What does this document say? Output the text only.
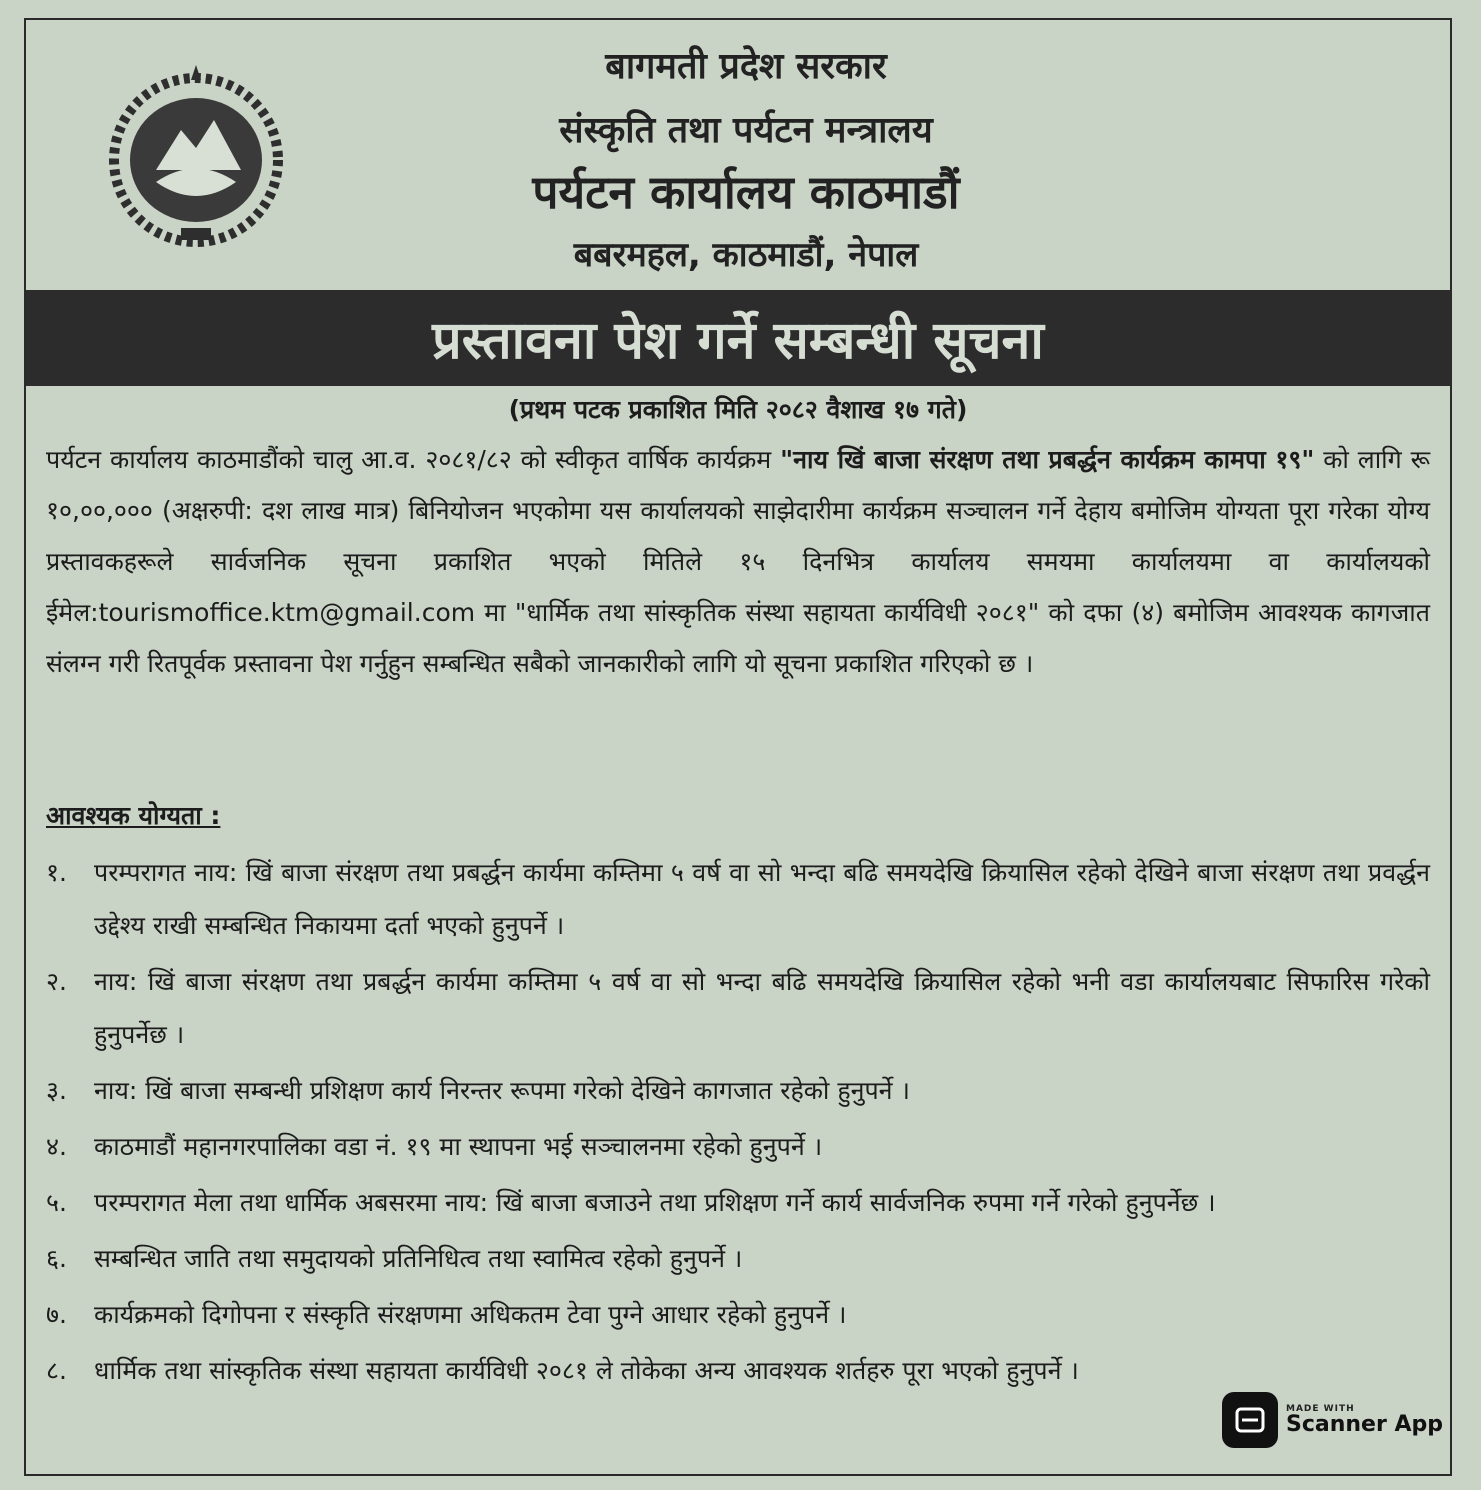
बागमती प्रदेश सरकार
संस्कृति तथा पर्यटन मन्त्रालय
पर्यटन कार्यालय काठमाडौं
बबरमहल, काठमाडौं, नेपाल
प्रस्तावना पेश गर्ने सम्बन्धी सूचना
(प्रथम पटक प्रकाशित मिति २०८२ वैशाख १७ गते)
पर्यटन कार्यालय काठमाडौंको चालु आ.व. २०८१/८२ को स्वीकृत वार्षिक कार्यक्रम "नाय खिं बाजा संरक्षण तथा प्रबर्द्धन कार्यक्रम कामपा १९" को लागि रू १०,००,००० (अक्षरुपी: दश लाख मात्र) बिनियोजन भएकोमा यस कार्यालयको साझेदारीमा कार्यक्रम सञ्चालन गर्ने देहाय बमोजिम योग्यता पूरा गरेका योग्य प्रस्तावकहरूले सार्वजनिक सूचना प्रकाशित भएको मितिले १५ दिनभित्र कार्यालय समयमा कार्यालयमा वा कार्यालयको ईमेल:tourismoffice.ktm@gmail.com मा "धार्मिक तथा सांस्कृतिक संस्था सहायता कार्यविधी २०८१" को दफा (४) बमोजिम आवश्यक कागजात संलग्न गरी रितपूर्वक प्रस्तावना पेश गर्नुहुन सम्बन्धित सबैको जानकारीको लागि यो सूचना प्रकाशित गरिएको छ ।
आवश्यक योग्यता :
१.	परम्परागत नाय: खिं बाजा संरक्षण तथा प्रबर्द्धन कार्यमा कम्तिमा ५ वर्ष वा सो भन्दा बढि समयदेखि क्रियासिल रहेको देखिने बाजा संरक्षण तथा प्रवर्द्धन उद्देश्य राखी सम्बन्धित निकायमा दर्ता भएको हुनुपर्ने ।
२.	नाय: खिं बाजा संरक्षण तथा प्रबर्द्धन कार्यमा कम्तिमा ५ वर्ष वा सो भन्दा बढि समयदेखि क्रियासिल रहेको भनी वडा कार्यालयबाट सिफारिस गरेको हुनुपर्नेछ ।
३.	नाय: खिं बाजा सम्बन्धी प्रशिक्षण कार्य निरन्तर रूपमा गरेको देखिने कागजात रहेको हुनुपर्ने ।
४.	काठमाडौं महानगरपालिका वडा नं. १९ मा स्थापना भई सञ्चालनमा रहेको हुनुपर्ने ।
५.	परम्परागत मेला तथा धार्मिक अबसरमा नाय: खिं बाजा बजाउने तथा प्रशिक्षण गर्ने कार्य सार्वजनिक रुपमा गर्ने गरेको हुनुपर्नेछ ।
६.	सम्बन्धित जाति तथा समुदायको प्रतिनिधित्व तथा स्वामित्व रहेको हुनुपर्ने ।
७.	कार्यक्रमको दिगोपना र संस्कृति संरक्षणमा अधिकतम टेवा पुग्ने आधार रहेको हुनुपर्ने ।
८.	धार्मिक तथा सांस्कृतिक संस्था सहायता कार्यविधी २०८१ ले तोकेका अन्य आवश्यक शर्तहरु पूरा भएको हुनुपर्ने ।
MADE WITH
Scanner App
